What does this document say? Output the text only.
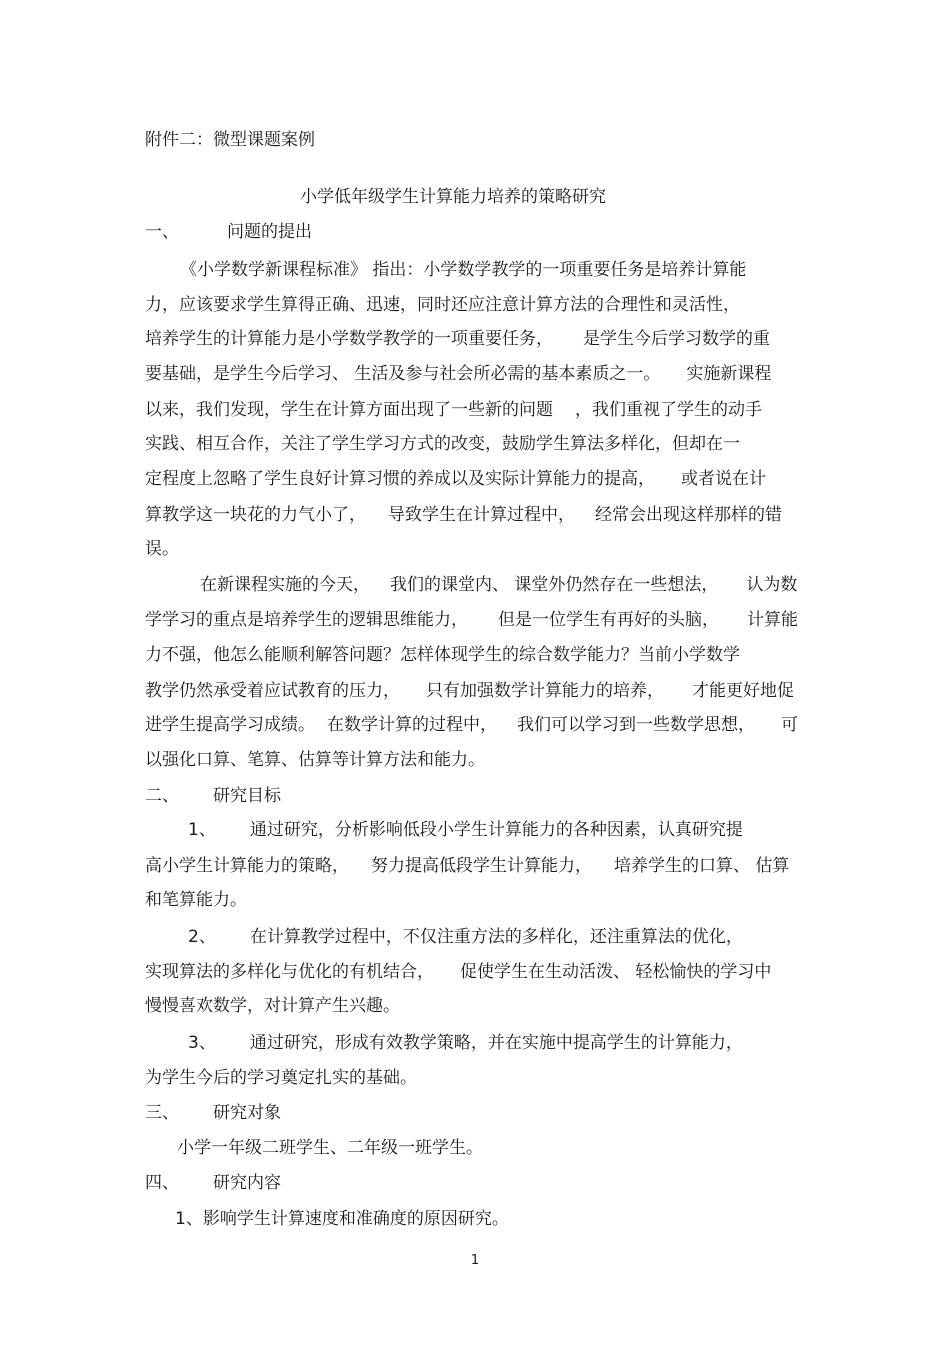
附件二：微型课题案例
小学低年级学生计算能力培养的策略研究
一、	问题的提出
《小学数学新课程标准》 指出：小学数学教学的一项重要任务是培养计算能
力，应该要求学生算得正确、迅速，同时还应注意计算方法的合理性和灵活性，
培养学生的计算能力是小学数学教学的一项重要任务， 是学生今后学习数学的重
要基础，是学生今后学习、 生活及参与社会所必需的基本素质之一。 实施新课程
以来，我们发现，学生在计算方面出现了一些新的问题 ，我们重视了学生的动手
实践、相互合作，关注了学生学习方式的改变，鼓励学生算法多样化，但却在一
定程度上忽略了学生良好计算习惯的养成以及实际计算能力的提高， 或者说在计
算教学这一块花的力气小了， 导致学生在计算过程中， 经常会出现这样那样的错
误。
在新课程实施的今天， 我们的课堂内、 课堂外仍然存在一些想法， 认为数
学学习的重点是培养学生的逻辑思维能力， 但是一位学生有再好的头脑， 计算能
力不强，他怎么能顺利解答问题？怎样体现学生的综合数学能力？当前小学数学
教学仍然承受着应试教育的压力， 只有加强数学计算能力的培养， 才能更好地促
进学生提高学习成绩。 在数学计算的过程中， 我们可以学习到一些数学思想， 可
以强化口算、笔算、估算等计算方法和能力。
二、 研究目标
1、 通过研究，分析影响低段小学生计算能力的各种因素，认真研究提
高小学生计算能力的策略， 努力提高低段学生计算能力， 培养学生的口算、 估算
和笔算能力。
2、 在计算教学过程中，不仅注重方法的多样化，还注重算法的优化，
实现算法的多样化与优化的有机结合， 促使学生在生动活泼、 轻松愉快的学习中
慢慢喜欢数学，对计算产生兴趣。
3、 通过研究，形成有效教学策略，并在实施中提高学生的计算能力，
为学生今后的学习奠定扎实的基础。
三、 研究对象
小学一年级二班学生、二年级一班学生。
四、 研究内容
1、影响学生计算速度和准确度的原因研究。
1
